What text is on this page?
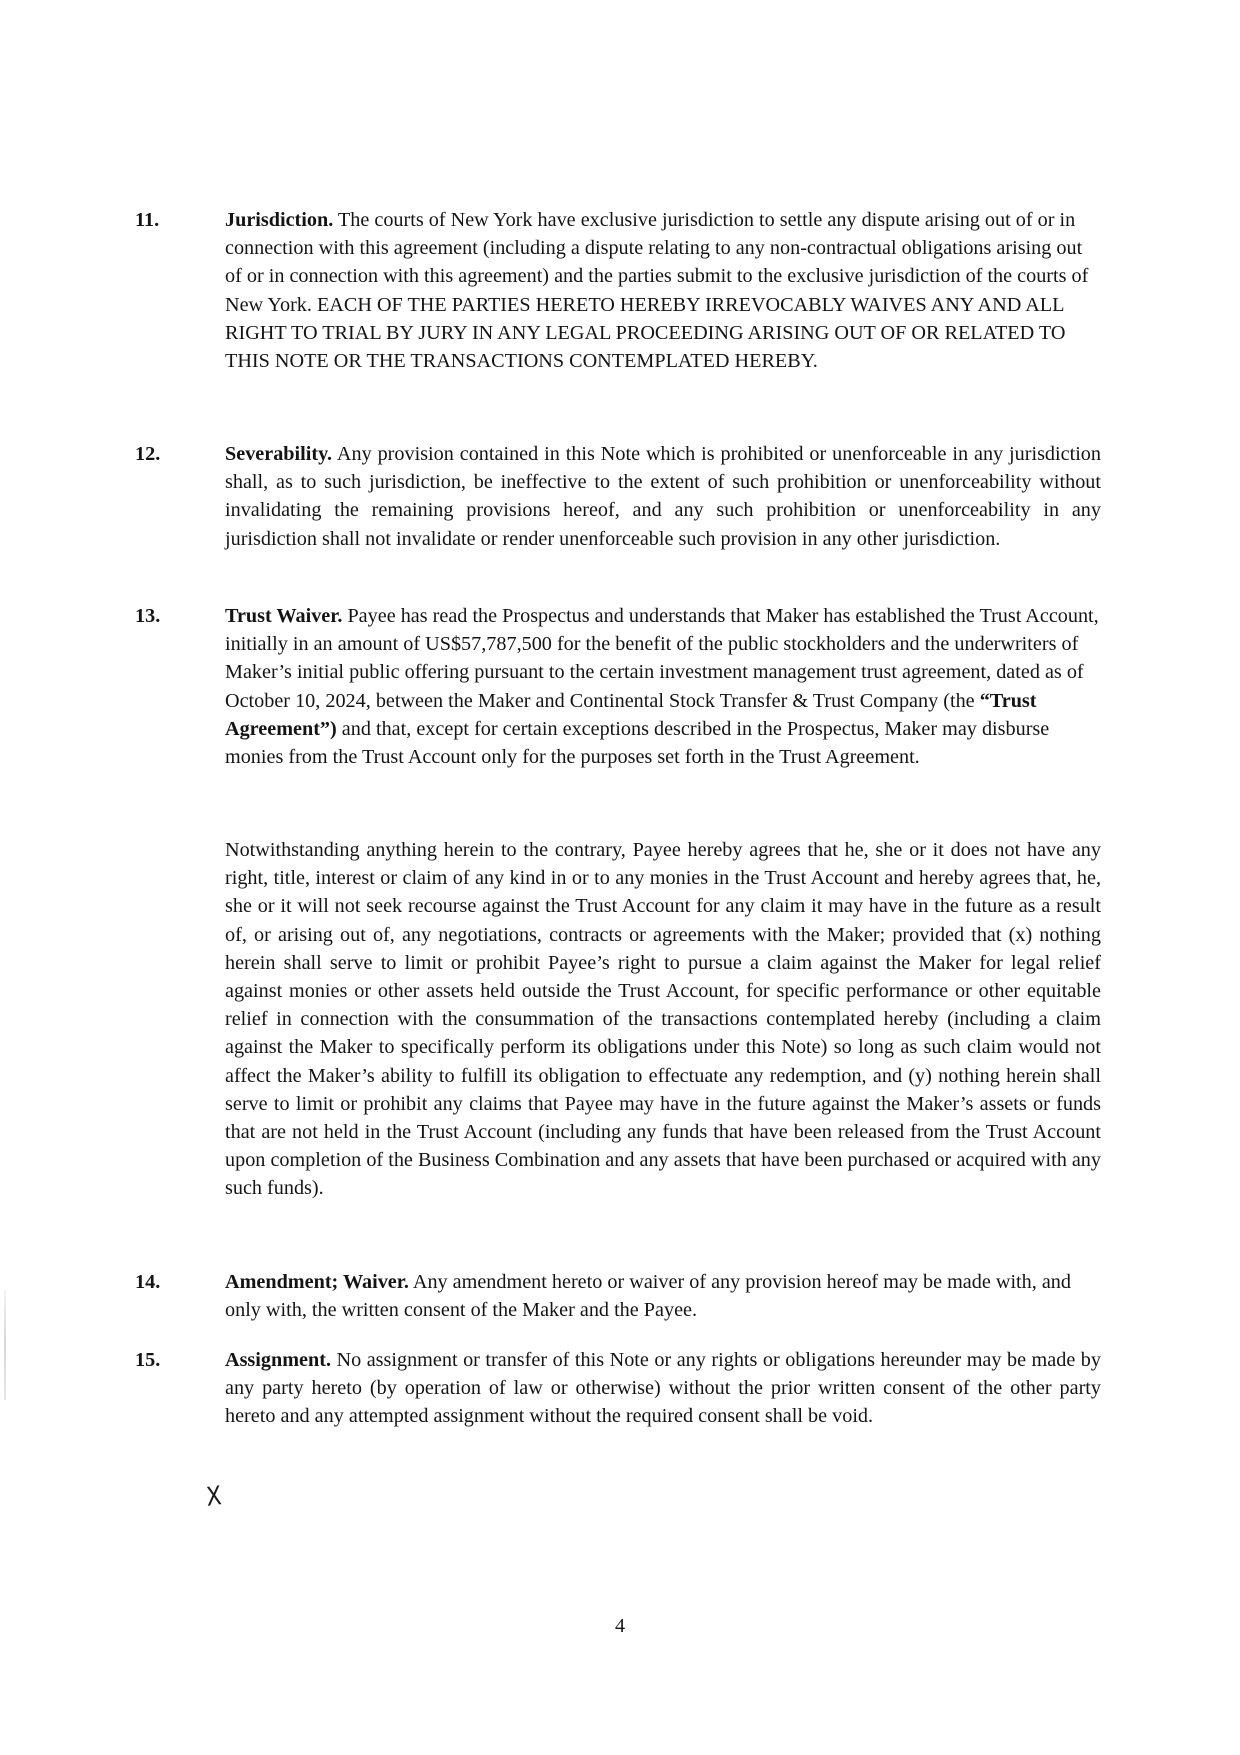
11.	Jurisdiction. The courts of New York have exclusive jurisdiction to settle any dispute arising out of or in connection with this agreement (including a dispute relating to any non-contractual obligations arising out of or in connection with this agreement) and the parties submit to the exclusive jurisdiction of the courts of New York. EACH OF THE PARTIES HERETO HEREBY IRREVOCABLY WAIVES ANY AND ALL RIGHT TO TRIAL BY JURY IN ANY LEGAL PROCEEDING ARISING OUT OF OR RELATED TO THIS NOTE OR THE TRANSACTIONS CONTEMPLATED HEREBY.
12.	Severability. Any provision contained in this Note which is prohibited or unenforceable in any jurisdiction shall, as to such jurisdiction, be ineffective to the extent of such prohibition or unenforceability without invalidating the remaining provisions hereof, and any such prohibition or unenforceability in any jurisdiction shall not invalidate or render unenforceable such provision in any other jurisdiction.
13.	Trust Waiver. Payee has read the Prospectus and understands that Maker has established the Trust Account, initially in an amount of US$57,787,500 for the benefit of the public stockholders and the underwriters of Maker’s initial public offering pursuant to the certain investment management trust agreement, dated as of October 10, 2024, between the Maker and Continental Stock Transfer & Trust Company (the “Trust Agreement”) and that, except for certain exceptions described in the Prospectus, Maker may disburse monies from the Trust Account only for the purposes set forth in the Trust Agreement.
Notwithstanding anything herein to the contrary, Payee hereby agrees that he, she or it does not have any right, title, interest or claim of any kind in or to any monies in the Trust Account and hereby agrees that, he, she or it will not seek recourse against the Trust Account for any claim it may have in the future as a result of, or arising out of, any negotiations, contracts or agreements with the Maker; provided that (x) nothing herein shall serve to limit or prohibit Payee’s right to pursue a claim against the Maker for legal relief against monies or other assets held outside the Trust Account, for specific performance or other equitable relief in connection with the consummation of the transactions contemplated hereby (including a claim against the Maker to specifically perform its obligations under this Note) so long as such claim would not affect the Maker’s ability to fulfill its obligation to effectuate any redemption, and (y) nothing herein shall serve to limit or prohibit any claims that Payee may have in the future against the Maker’s assets or funds that are not held in the Trust Account (including any funds that have been released from the Trust Account upon completion of the Business Combination and any assets that have been purchased or acquired with any such funds).
14.	Amendment; Waiver. Any amendment hereto or waiver of any provision hereof may be made with, and only with, the written consent of the Maker and the Payee.
15.	Assignment. No assignment or transfer of this Note or any rights or obligations hereunder may be made by any party hereto (by operation of law or otherwise) without the prior written consent of the other party hereto and any attempted assignment without the required consent shall be void.
X
4
